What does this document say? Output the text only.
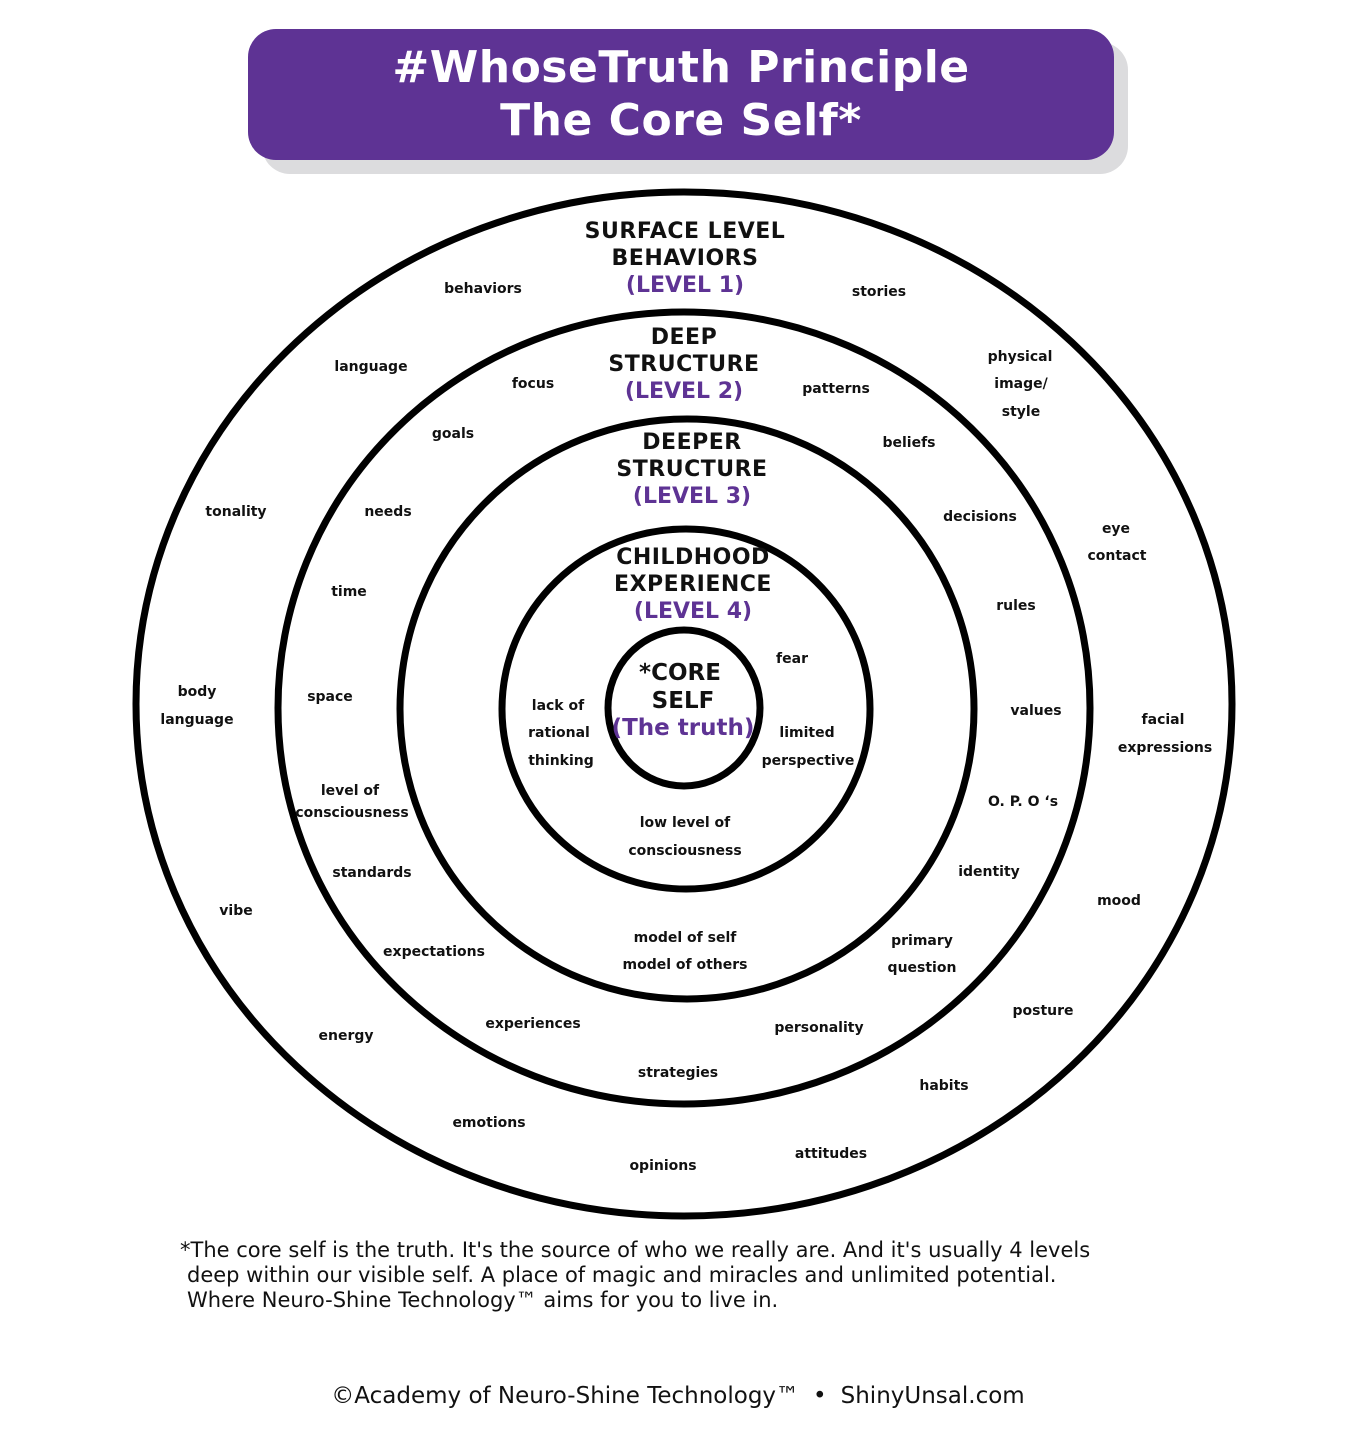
#WhoseTruth Principle
The Core Self*
SURFACE LEVEL
BEHAVIORS
(LEVEL 1)
DEEP
STRUCTURE
(LEVEL 2)
DEEPER
STRUCTURE
(LEVEL 3)
CHILDHOOD
EXPERIENCE
(LEVEL 4)
*CORE
SELF
(The truth)
behaviors	stories
language
physical
image/
style
tonality
eye
contact
body
language	facial
expressions
vibe
mood
energy
posture
habits
emotions
attitudes
opinions
focus	patterns
goals
beliefs
needs	decisions
time
rules
space
values
level of
consciousness
O. P. O ‘s
standards	identity
expectations
primary
question
experiences	personality
strategies
model of self
model of others
fear
lack of
rational
thinking
limited
perspective
low level of
consciousness
*The core self is the truth. It's the source of who we really are. And it's usually 4 levels
deep within our visible self. A place of magic and miracles and unlimited potential.
Where Neuro-Shine Technology™ aims for you to live in.
©Academy of Neuro-Shine Technology™ • ShinyUnsal.com
